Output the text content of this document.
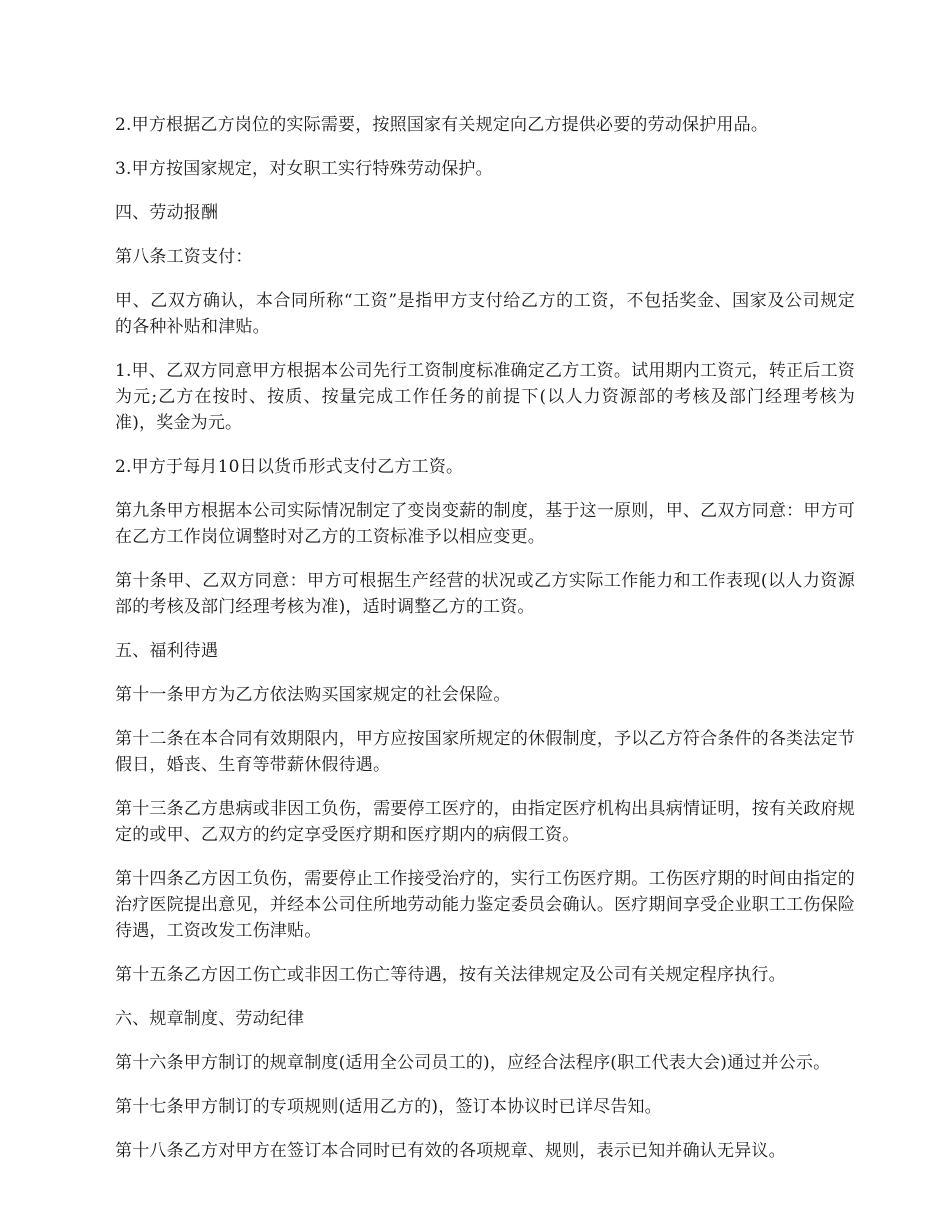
2.甲方根据乙方岗位的实际需要，按照国家有关规定向乙方提供必要的劳动保护用品。

3.甲方按国家规定，对女职工实行特殊劳动保护。

四、劳动报酬

第八条工资支付：

甲、乙双方确认，本合同所称“工资”是指甲方支付给乙方的工资，不包括奖金、国家及公司规定的各种补贴和津贴。

1.甲、乙双方同意甲方根据本公司先行工资制度标准确定乙方工资。试用期内工资元，转正后工资为元;乙方在按时、按质、按量完成工作任务的前提下(以人力资源部的考核及部门经理考核为准)，奖金为元。

2.甲方于每月10日以货币形式支付乙方工资。

第九条甲方根据本公司实际情况制定了变岗变薪的制度，基于这一原则，甲、乙双方同意：甲方可在乙方工作岗位调整时对乙方的工资标准予以相应变更。

第十条甲、乙双方同意：甲方可根据生产经营的状况或乙方实际工作能力和工作表现(以人力资源部的考核及部门经理考核为准)，适时调整乙方的工资。

五、福利待遇

第十一条甲方为乙方依法购买国家规定的社会保险。

第十二条在本合同有效期限内，甲方应按国家所规定的休假制度，予以乙方符合条件的各类法定节假日，婚丧、生育等带薪休假待遇。

第十三条乙方患病或非因工负伤，需要停工医疗的，由指定医疗机构出具病情证明，按有关政府规定的或甲、乙双方的约定享受医疗期和医疗期内的病假工资。

第十四条乙方因工负伤，需要停止工作接受治疗的，实行工伤医疗期。工伤医疗期的时间由指定的治疗医院提出意见，并经本公司住所地劳动能力鉴定委员会确认。医疗期间享受企业职工工伤保险待遇，工资改发工伤津贴。

第十五条乙方因工伤亡或非因工伤亡等待遇，按有关法律规定及公司有关规定程序执行。

六、规章制度、劳动纪律

第十六条甲方制订的规章制度(适用全公司员工的)，应经合法程序(职工代表大会)通过并公示。

第十七条甲方制订的专项规则(适用乙方的)，签订本协议时已详尽告知。

第十八条乙方对甲方在签订本合同时已有效的各项规章、规则，表示已知并确认无异议。
